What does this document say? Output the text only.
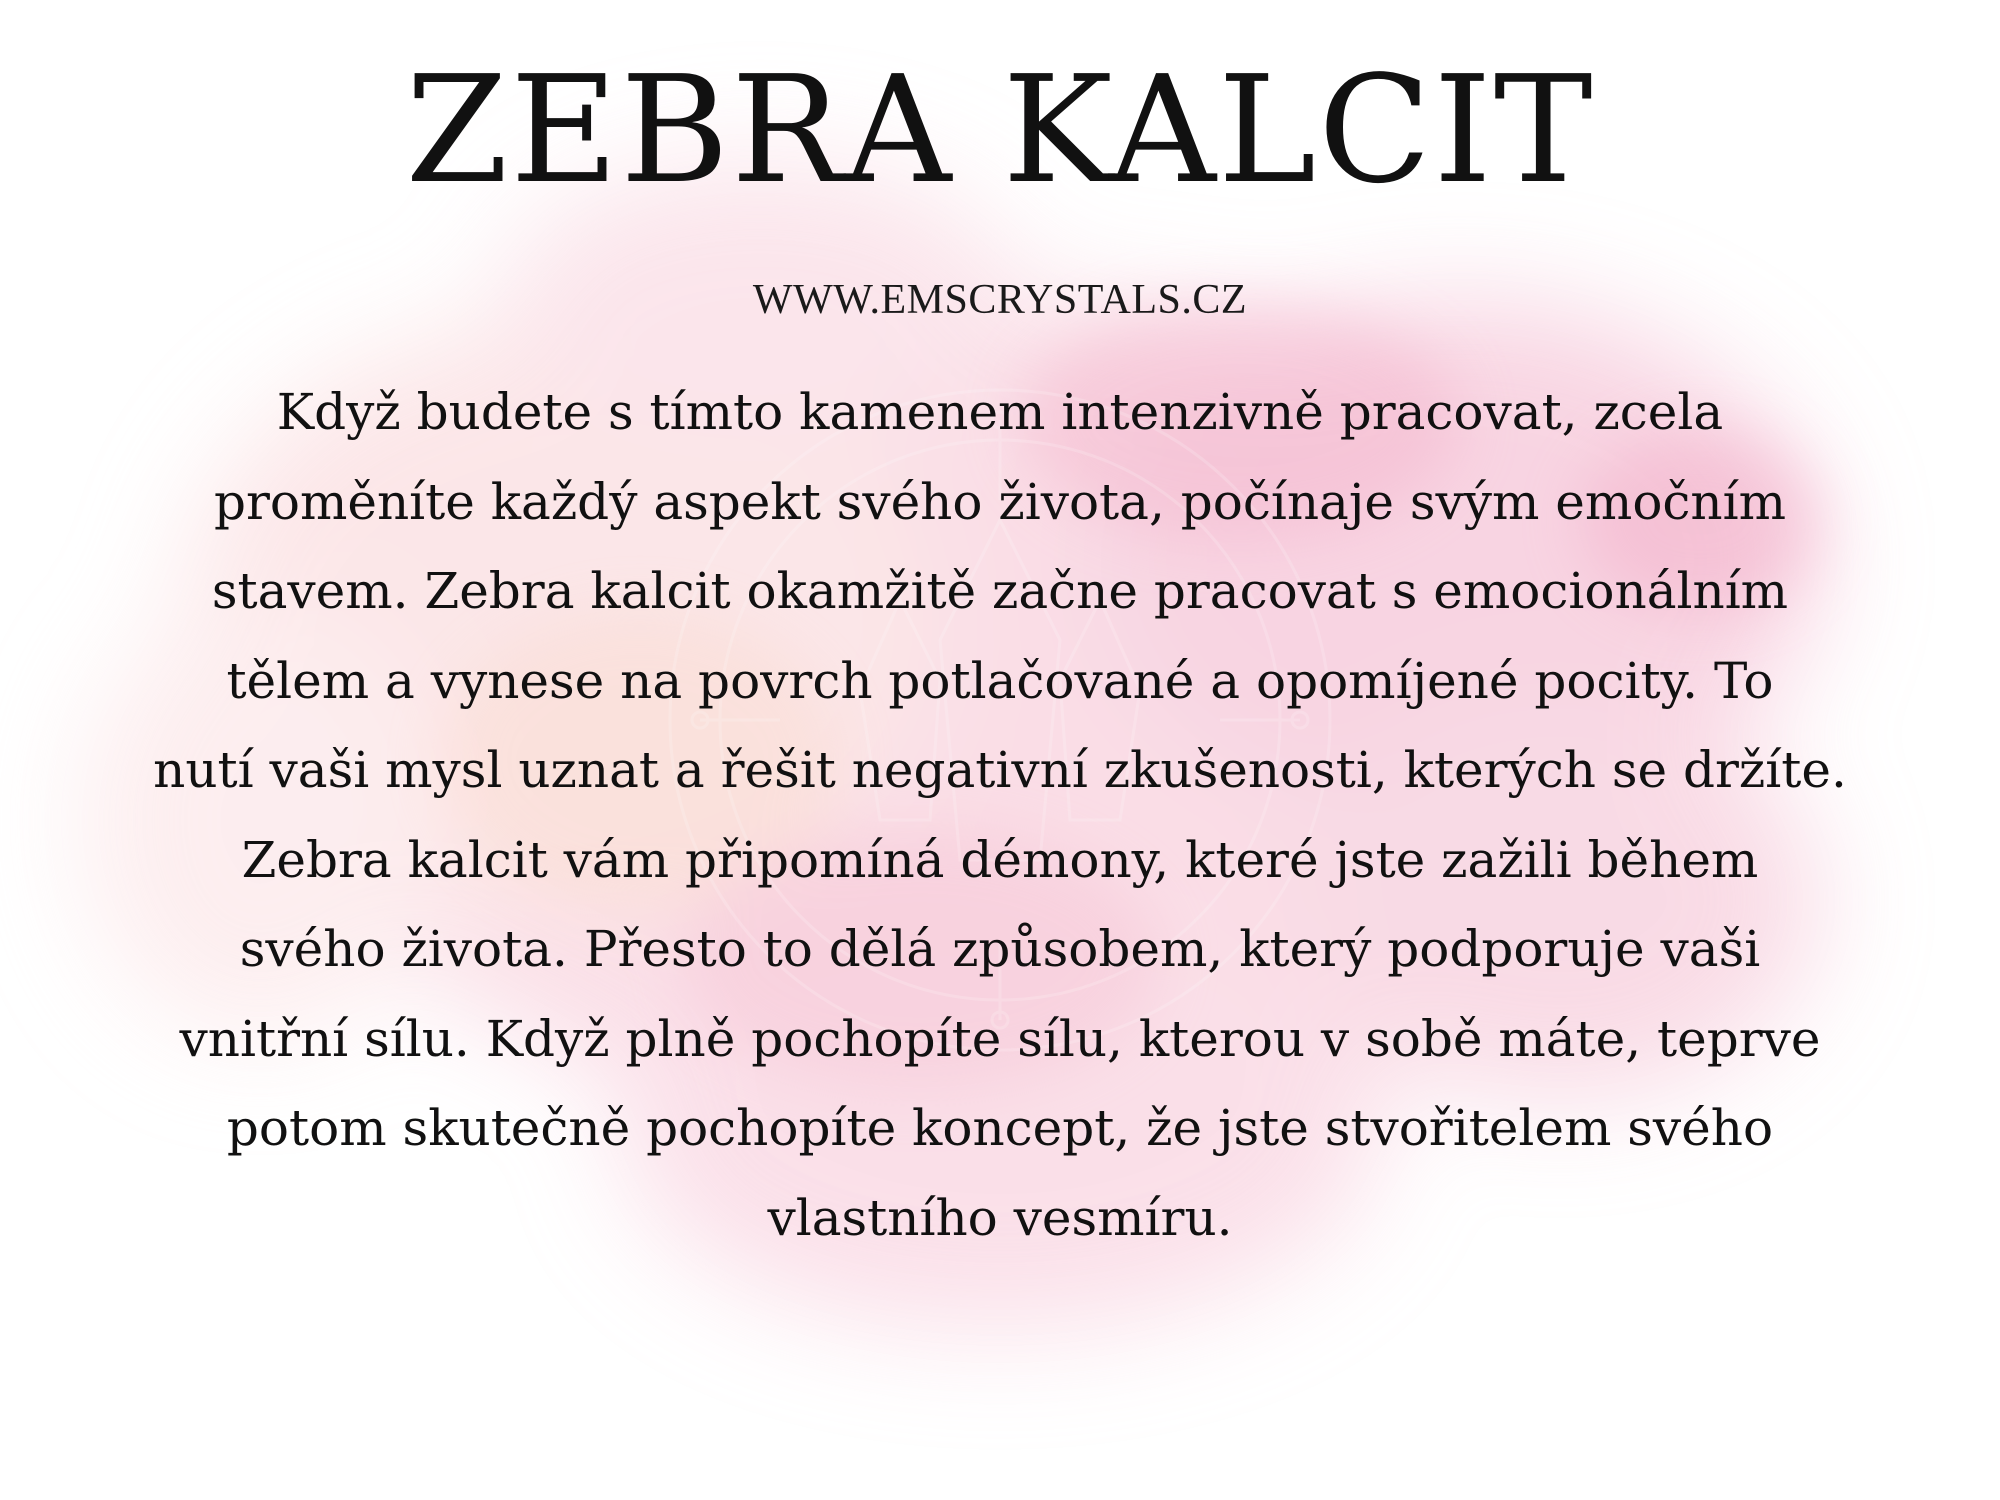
ZEBRA KALCIT
WWW.EMSCRYSTALS.CZ
Když budete s tímto kamenem intenzivně pracovat, zcela
proměníte každý aspekt svého života, počínaje svým emočním
stavem. Zebra kalcit okamžitě začne pracovat s emocionálním
tělem a vynese na povrch potlačované a opomíjené pocity. To
nutí vaši mysl uznat a řešit negativní zkušenosti, kterých se držíte.
Zebra kalcit vám připomíná démony, které jste zažili během
svého života. Přesto to dělá způsobem, který podporuje vaši
vnitřní sílu. Když plně pochopíte sílu, kterou v sobě máte, teprve
potom skutečně pochopíte koncept, že jste stvořitelem svého
vlastního vesmíru.
